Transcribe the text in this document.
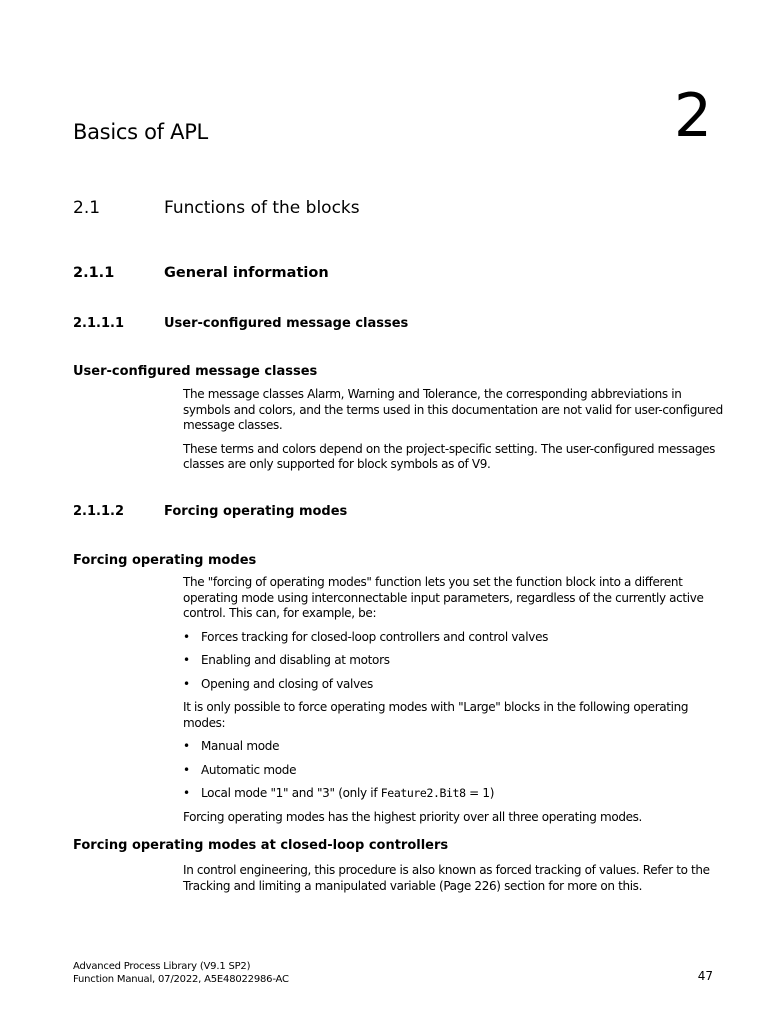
Basics of APL	2
2.1	Functions of the blocks
2.1.1	General information
2.1.1.1	User-configured message classes
User-configured message classes

The message classes Alarm, Warning and Tolerance, the corresponding abbreviations in symbols and colors, and the terms used in this documentation are not valid for user-configured message classes.

These terms and colors depend on the project-specific setting. The user-configured messages classes are only supported for block symbols as of V9.

2.1.1.2	Forcing operating modes
Forcing operating modes

The "forcing of operating modes" function lets you set the function block into a different operating mode using interconnectable input parameters, regardless of the currently active control. This can, for example, be:

• Forces tracking for closed-loop controllers and control valves
• Enabling and disabling at motors
• Opening and closing of valves

It is only possible to force operating modes with "Large" blocks in the following operating modes:

• Manual mode
• Automatic mode
• Local mode "1" and "3" (only if Feature2.Bit8 = 1)

Forcing operating modes has the highest priority over all three operating modes.

Forcing operating modes at closed-loop controllers

In control engineering, this procedure is also known as forced tracking of values. Refer to the Tracking and limiting a manipulated variable (Page 226) section for more on this.

Advanced Process Library (V9.1 SP2)
Function Manual, 07/2022, A5E48022986-AC	47
